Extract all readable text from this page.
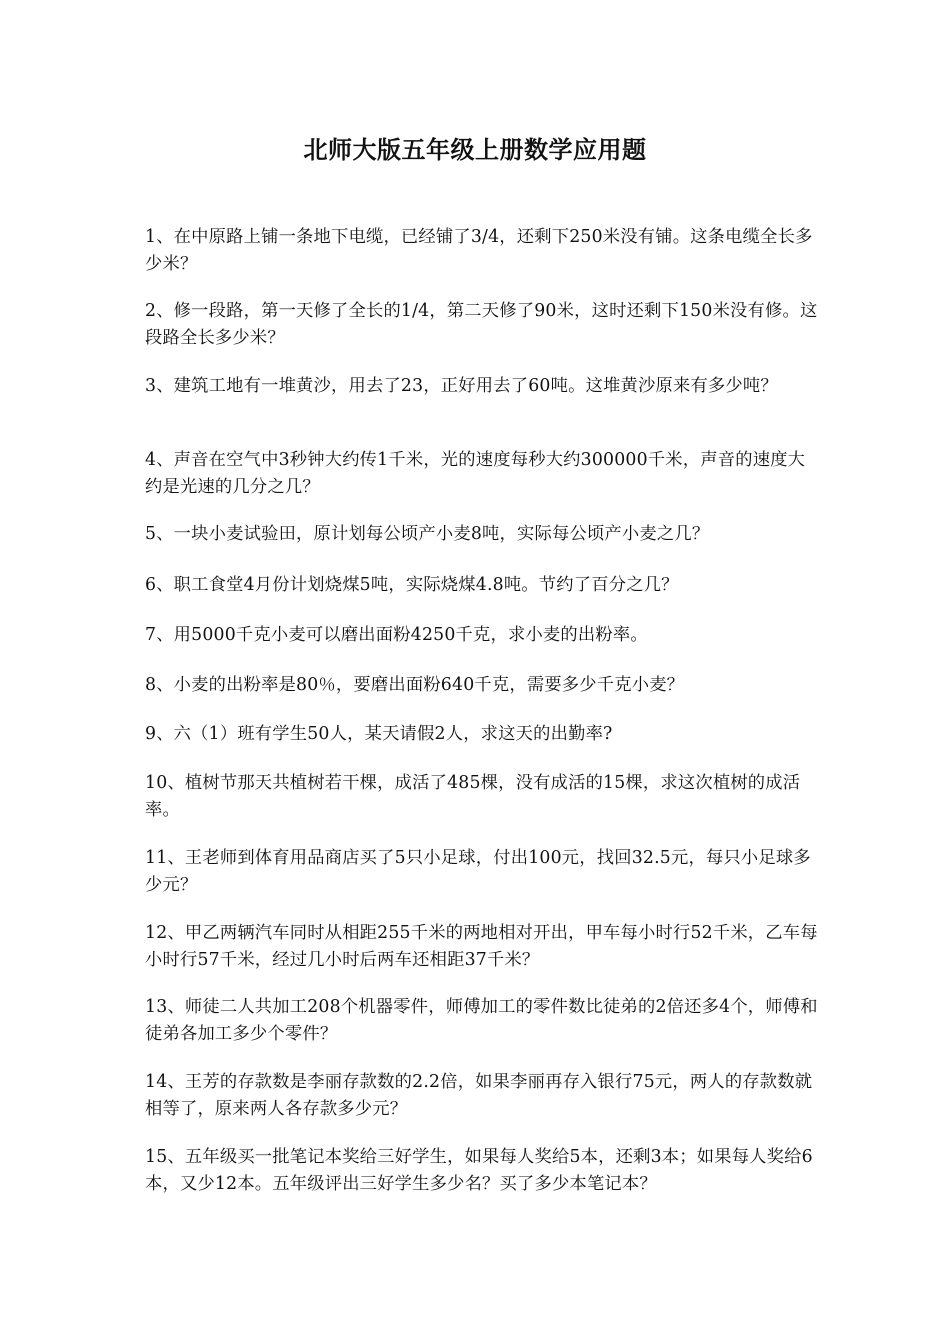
北师大版五年级上册数学应用题

1、在中原路上铺一条地下电缆，已经铺了3/4，还剩下250米没有铺。这条电缆全长多少米？

2、修一段路，第一天修了全长的1/4，第二天修了90米，这时还剩下150米没有修。这段路全长多少米？

3、建筑工地有一堆黄沙，用去了23，正好用去了60吨。这堆黄沙原来有多少吨？

4、声音在空气中3秒钟大约传1千米，光的速度每秒大约300000千米，声音的速度大约是光速的几分之几？

5、一块小麦试验田，原计划每公顷产小麦8吨，实际每公顷产小麦之几？

6、职工食堂4月份计划烧煤5吨，实际烧煤4.8吨。节约了百分之几？

7、用5000千克小麦可以磨出面粉4250千克，求小麦的出粉率。

8、小麦的出粉率是80％，要磨出面粉640千克，需要多少千克小麦？

9、六（1）班有学生50人，某天请假2人，求这天的出勤率?

10、植树节那天共植树若干棵，成活了485棵，没有成活的15棵，求这次植树的成活率。

11、王老师到体育用品商店买了5只小足球，付出100元，找回32.5元，每只小足球多少元？

12、甲乙两辆汽车同时从相距255千米的两地相对开出，甲车每小时行52千米，乙车每小时行57千米，经过几小时后两车还相距37千米？

13、师徒二人共加工208个机器零件，师傅加工的零件数比徒弟的2倍还多4个，师傅和徒弟各加工多少个零件？

14、王芳的存款数是李丽存款数的2.2倍，如果李丽再存入银行75元，两人的存款数就相等了，原来两人各存款多少元？

15、五年级买一批笔记本奖给三好学生，如果每人奖给5本，还剩3本；如果每人奖给6本，又少12本。五年级评出三好学生多少名？买了多少本笔记本？
